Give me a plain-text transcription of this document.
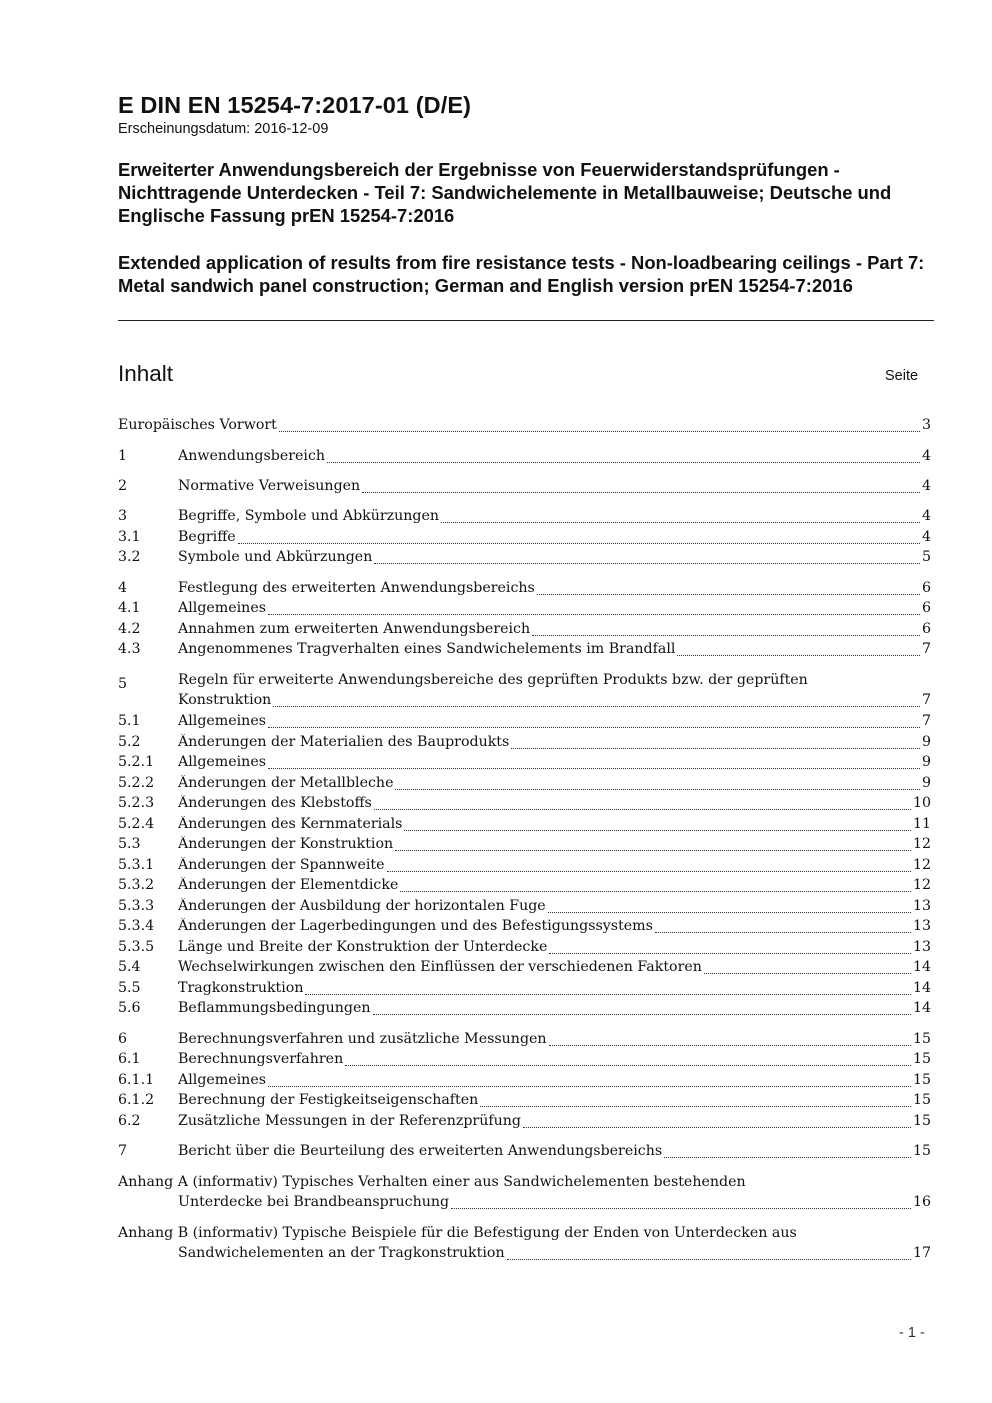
E DIN EN 15254-7:2017-01 (D/E)
Erscheinungsdatum: 2016-12-09
Erweiterter Anwendungsbereich der Ergebnisse von Feuerwiderstandsprüfungen - Nichttragende Unterdecken - Teil 7: Sandwichelemente in Metallbauweise; Deutsche und Englische Fassung prEN 15254-7:2016
Extended application of results from fire resistance tests - Non-loadbearing ceilings - Part 7: Metal sandwich panel construction; German and English version prEN 15254-7:2016
Inhalt	Seite
Europäisches Vorwort	3
1	Anwendungsbereich	4
2	Normative Verweisungen	4
3	Begriffe, Symbole und Abkürzungen	4
3.1	Begriffe	4
3.2	Symbole und Abkürzungen	5
4	Festlegung des erweiterten Anwendungsbereichs	6
4.1	Allgemeines	6
4.2	Annahmen zum erweiterten Anwendungsbereich	6
4.3	Angenommenes Tragverhalten eines Sandwichelements im Brandfall	7
5	Regeln für erweiterte Anwendungsbereiche des geprüften Produkts bzw. der geprüften
Konstruktion	7
5.1	Allgemeines	7
5.2	Änderungen der Materialien des Bauprodukts	9
5.2.1	Allgemeines	9
5.2.2	Änderungen der Metallbleche	9
5.2.3	Änderungen des Klebstoffs	10
5.2.4	Änderungen des Kernmaterials	11
5.3	Änderungen der Konstruktion	12
5.3.1	Änderungen der Spannweite	12
5.3.2	Änderungen der Elementdicke	12
5.3.3	Änderungen der Ausbildung der horizontalen Fuge	13
5.3.4	Änderungen der Lagerbedingungen und des Befestigungssystems	13
5.3.5	Länge und Breite der Konstruktion der Unterdecke	13
5.4	Wechselwirkungen zwischen den Einflüssen der verschiedenen Faktoren	14
5.5	Tragkonstruktion	14
5.6	Beflammungsbedingungen	14
6	Berechnungsverfahren und zusätzliche Messungen	15
6.1	Berechnungsverfahren	15
6.1.1	Allgemeines	15
6.1.2	Berechnung der Festigkeitseigenschaften	15
6.2	Zusätzliche Messungen in der Referenzprüfung	15
7	Bericht über die Beurteilung des erweiterten Anwendungsbereichs	15
Anhang A (informativ) Typisches Verhalten einer aus Sandwichelementen bestehenden
Unterdecke bei Brandbeanspruchung	16
Anhang B (informativ) Typische Beispiele für die Befestigung der Enden von Unterdecken aus
Sandwichelementen an der Tragkonstruktion	17
- 1 -
